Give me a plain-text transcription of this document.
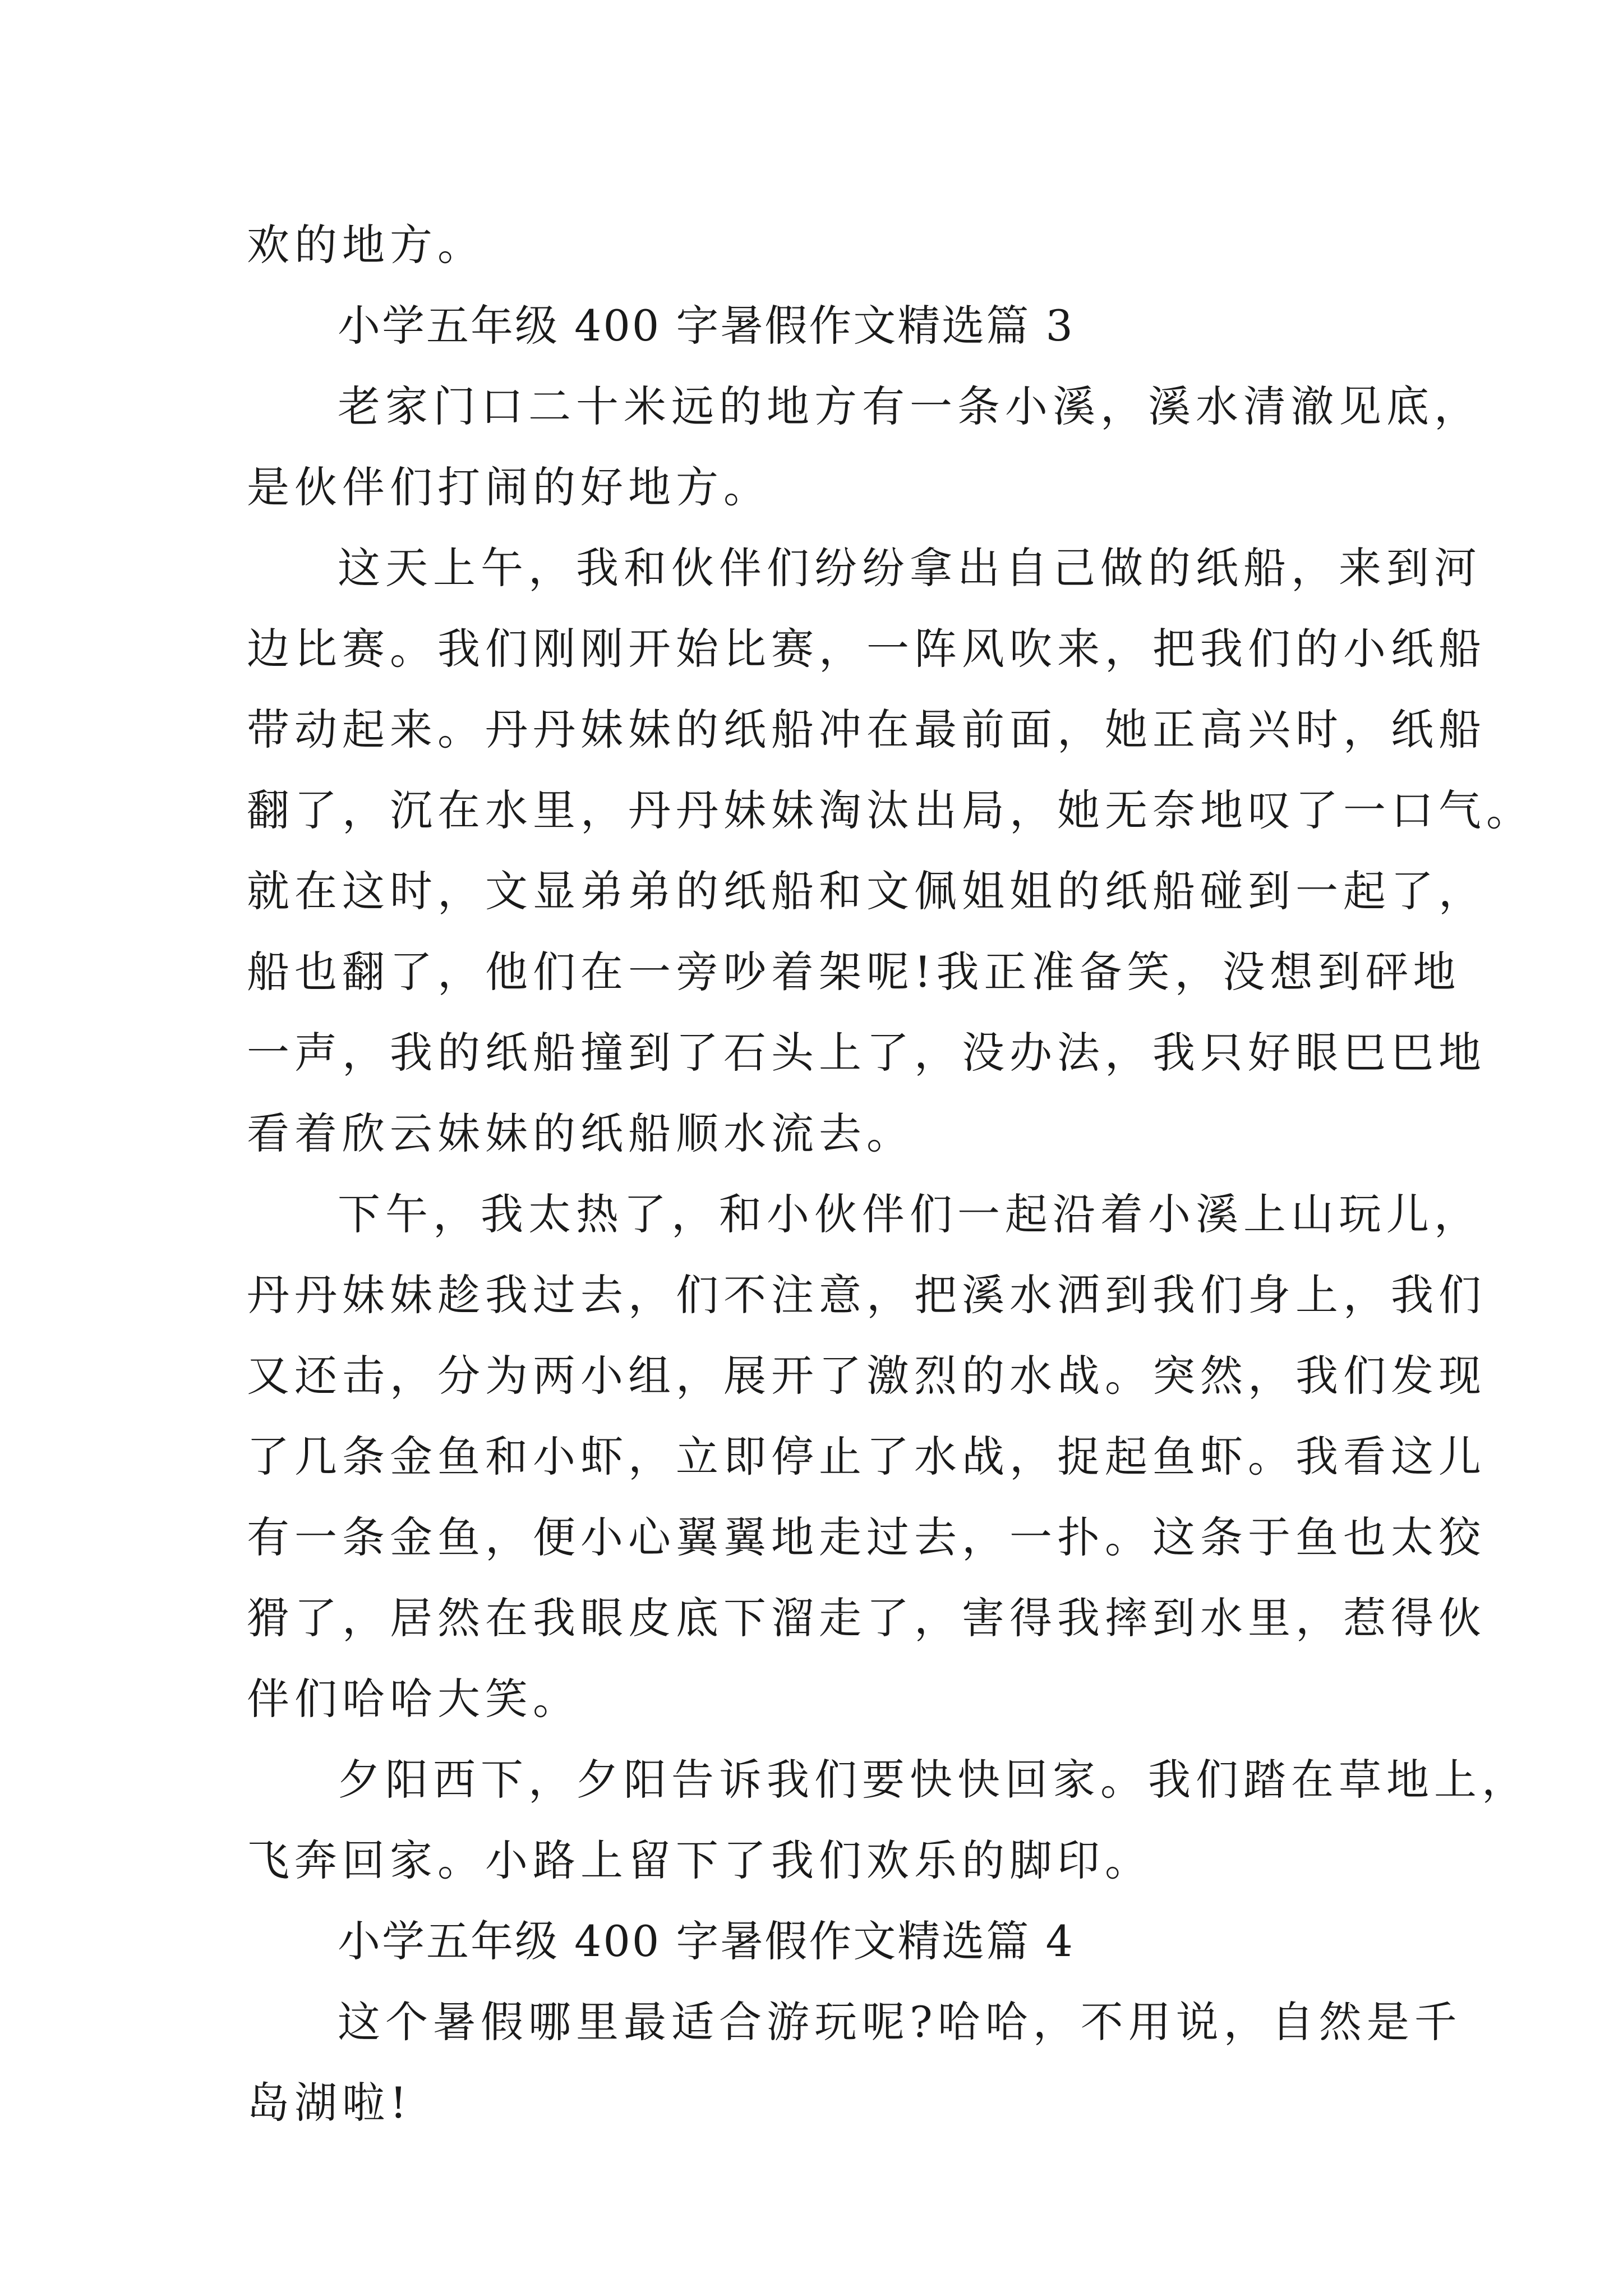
欢的地方。

小学五年级 400 字暑假作文精选篇 3

老家门口二十米远的地方有一条小溪，溪水清澈见底，

是伙伴们打闹的好地方。

这天上午，我和伙伴们纷纷拿出自己做的纸船，来到河

边比赛。我们刚刚开始比赛，一阵风吹来，把我们的小纸船

带动起来。丹丹妹妹的纸船冲在最前面，她正高兴时，纸船

翻了，沉在水里，丹丹妹妹淘汰出局，她无奈地叹了一口气。

就在这时，文显弟弟的纸船和文佩姐姐的纸船碰到一起了，

船也翻了，他们在一旁吵着架呢!我正准备笑，没想到砰地

一声，我的纸船撞到了石头上了，没办法，我只好眼巴巴地

看着欣云妹妹的纸船顺水流去。

下午，我太热了，和小伙伴们一起沿着小溪上山玩儿，

丹丹妹妹趁我过去，们不注意，把溪水洒到我们身上，我们

又还击，分为两小组，展开了激烈的水战。突然，我们发现

了几条金鱼和小虾，立即停止了水战，捉起鱼虾。我看这儿

有一条金鱼，便小心翼翼地走过去，一扑。这条于鱼也太狡

猾了，居然在我眼皮底下溜走了，害得我摔到水里，惹得伙

伴们哈哈大笑。

夕阳西下，夕阳告诉我们要快快回家。我们踏在草地上，

飞奔回家。小路上留下了我们欢乐的脚印。

小学五年级 400 字暑假作文精选篇 4

这个暑假哪里最适合游玩呢?哈哈，不用说，自然是千

岛湖啦!
